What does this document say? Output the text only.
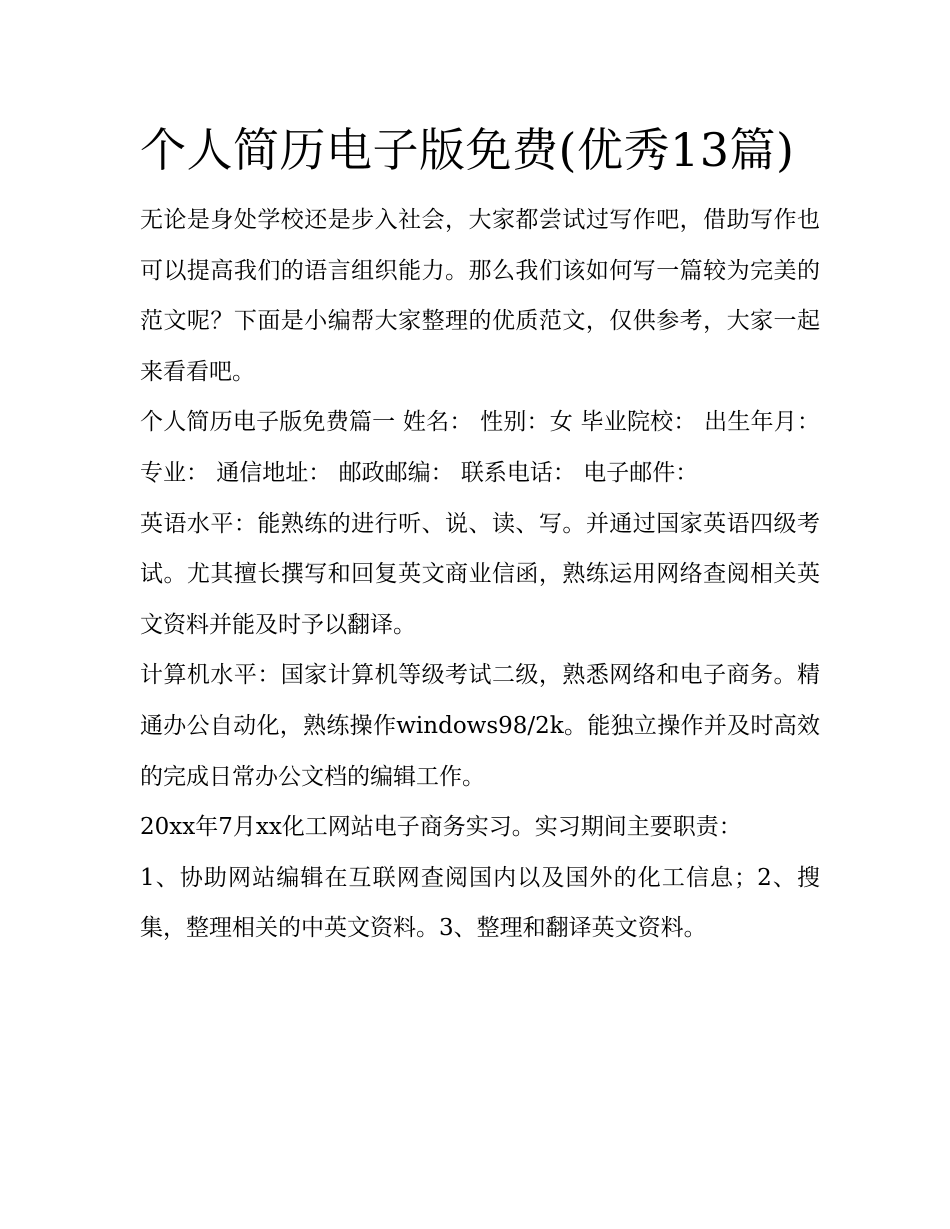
个人简历电子版免费(优秀13篇)

无论是身处学校还是步入社会，大家都尝试过写作吧，借助写作也可以提高我们的语言组织能力。那么我们该如何写一篇较为完美的范文呢？下面是小编帮大家整理的优质范文，仅供参考，大家一起来看看吧。

个人简历电子版免费篇一 姓名： 性别：女 毕业院校： 出生年月： 专业： 通信地址： 邮政邮编： 联系电话： 电子邮件：

英语水平：能熟练的进行听、说、读、写。并通过国家英语四级考试。尤其擅长撰写和回复英文商业信函，熟练运用网络查阅相关英文资料并能及时予以翻译。

计算机水平：国家计算机等级考试二级，熟悉网络和电子商务。精通办公自动化，熟练操作windows98/2k。能独立操作并及时高效的完成日常办公文档的编辑工作。

20xx年7月xx化工网站电子商务实习。实习期间主要职责：

1、协助网站编辑在互联网查阅国内以及国外的化工信息；2、搜集，整理相关的中英文资料。3、整理和翻译英文资料。
